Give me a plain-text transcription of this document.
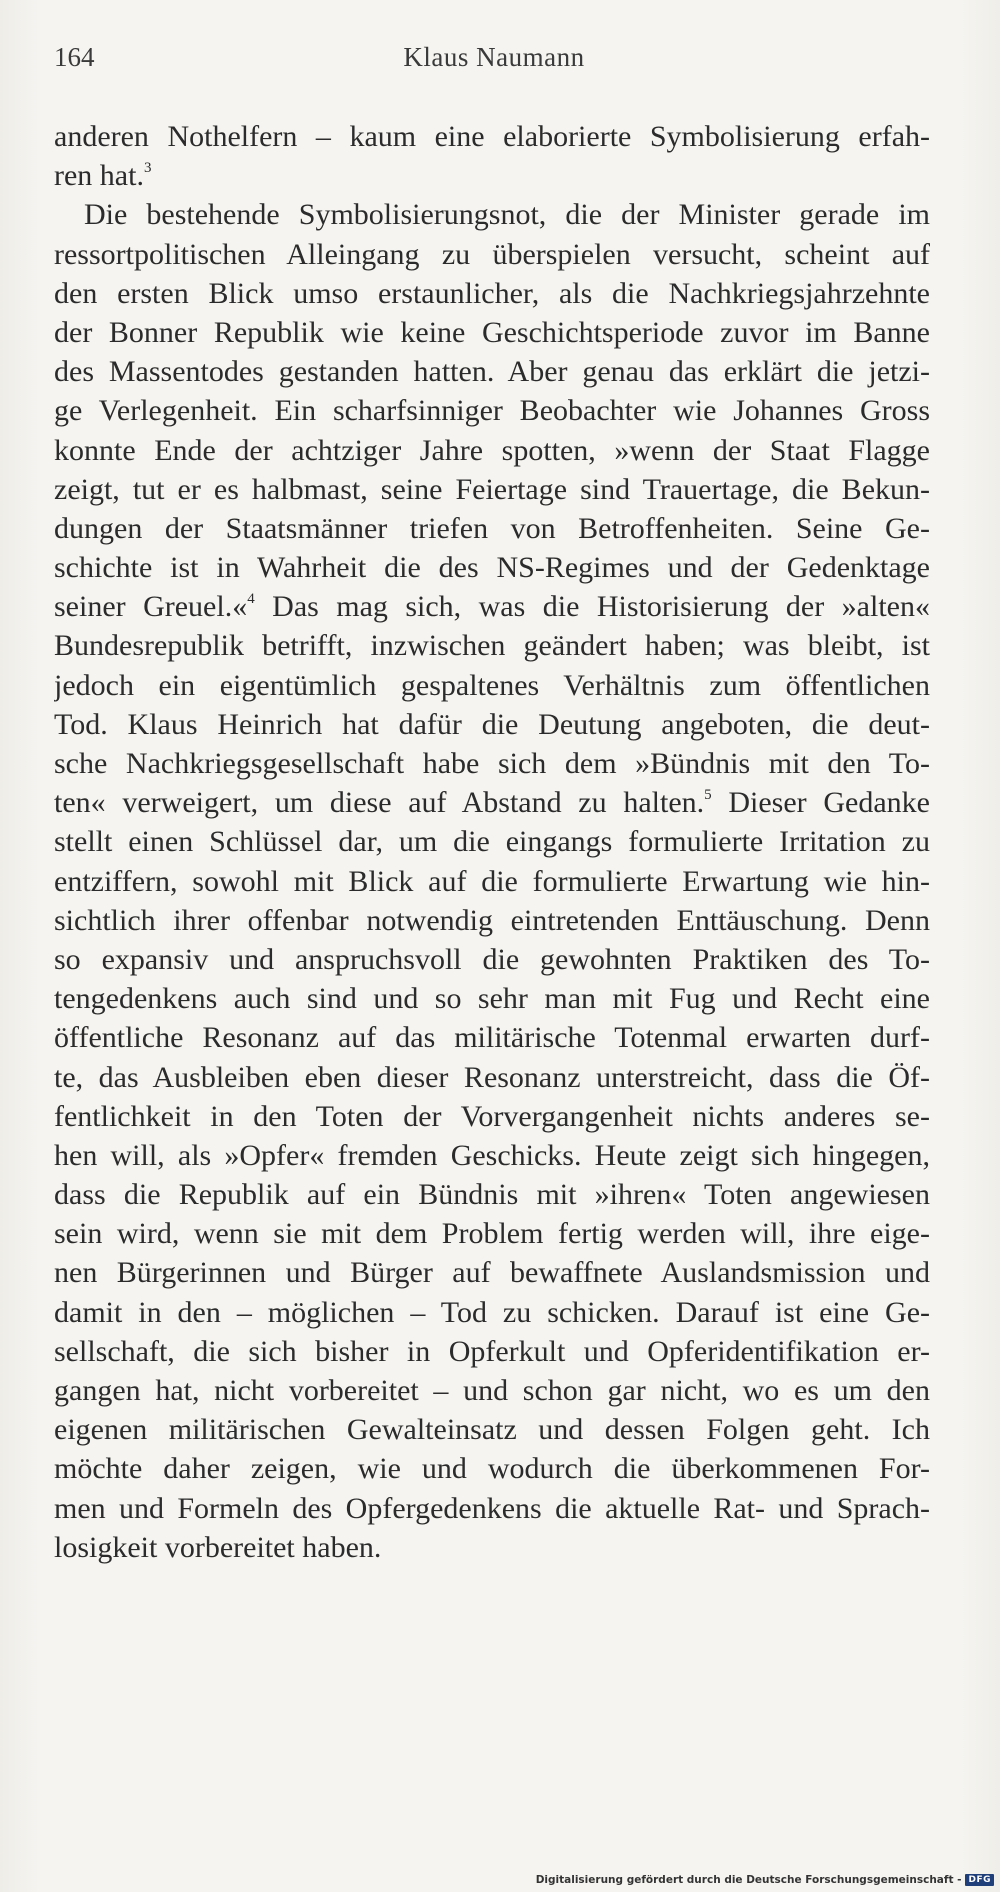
164	Klaus Naumann
anderen Nothelfern – kaum eine elaborierte Symbolisierung erfah-
ren hat.$^3$
Die bestehende Symbolisierungsnot, die der Minister gerade im
ressortpolitischen Alleingang zu überspielen versucht, scheint auf
den ersten Blick umso erstaunlicher, als die Nachkriegsjahrzehnte
der Bonner Republik wie keine Geschichtsperiode zuvor im Banne
des Massentodes gestanden hatten. Aber genau das erklärt die jetzi-
ge Verlegenheit. Ein scharfsinniger Beobachter wie Johannes Gross
konnte Ende der achtziger Jahre spotten, »wenn der Staat Flagge
zeigt, tut er es halbmast, seine Feiertage sind Trauertage, die Bekun-
dungen der Staatsmänner triefen von Betroffenheiten. Seine Ge-
schichte ist in Wahrheit die des NS-Regimes und der Gedenktage
seiner Greuel.«$^4$ Das mag sich, was die Historisierung der »alten«
Bundesrepublik betrifft, inzwischen geändert haben; was bleibt, ist
jedoch ein eigentümlich gespaltenes Verhältnis zum öffentlichen
Tod. Klaus Heinrich hat dafür die Deutung angeboten, die deut-
sche Nachkriegsgesellschaft habe sich dem »Bündnis mit den To-
ten« verweigert, um diese auf Abstand zu halten.$^5$ Dieser Gedanke
stellt einen Schlüssel dar, um die eingangs formulierte Irritation zu
entziffern, sowohl mit Blick auf die formulierte Erwartung wie hin-
sichtlich ihrer offenbar notwendig eintretenden Enttäuschung. Denn
so expansiv und anspruchsvoll die gewohnten Praktiken des To-
tengedenkens auch sind und so sehr man mit Fug und Recht eine
öffentliche Resonanz auf das militärische Totenmal erwarten durf-
te, das Ausbleiben eben dieser Resonanz unterstreicht, dass die Öf-
fentlichkeit in den Toten der Vorvergangenheit nichts anderes se-
hen will, als »Opfer« fremden Geschicks. Heute zeigt sich hingegen,
dass die Republik auf ein Bündnis mit »ihren« Toten angewiesen
sein wird, wenn sie mit dem Problem fertig werden will, ihre eige-
nen Bürgerinnen und Bürger auf bewaffnete Auslandsmission und
damit in den – möglichen – Tod zu schicken. Darauf ist eine Ge-
sellschaft, die sich bisher in Opferkult und Opferidentifikation er-
gangen hat, nicht vorbereitet – und schon gar nicht, wo es um den
eigenen militärischen Gewalteinsatz und dessen Folgen geht. Ich
möchte daher zeigen, wie und wodurch die überkommenen For-
men und Formeln des Opfergedenkens die aktuelle Rat- und Sprach-
losigkeit vorbereitet haben.
Digitalisierung gefördert durch die Deutsche Forschungsgemeinschaft - DFG
